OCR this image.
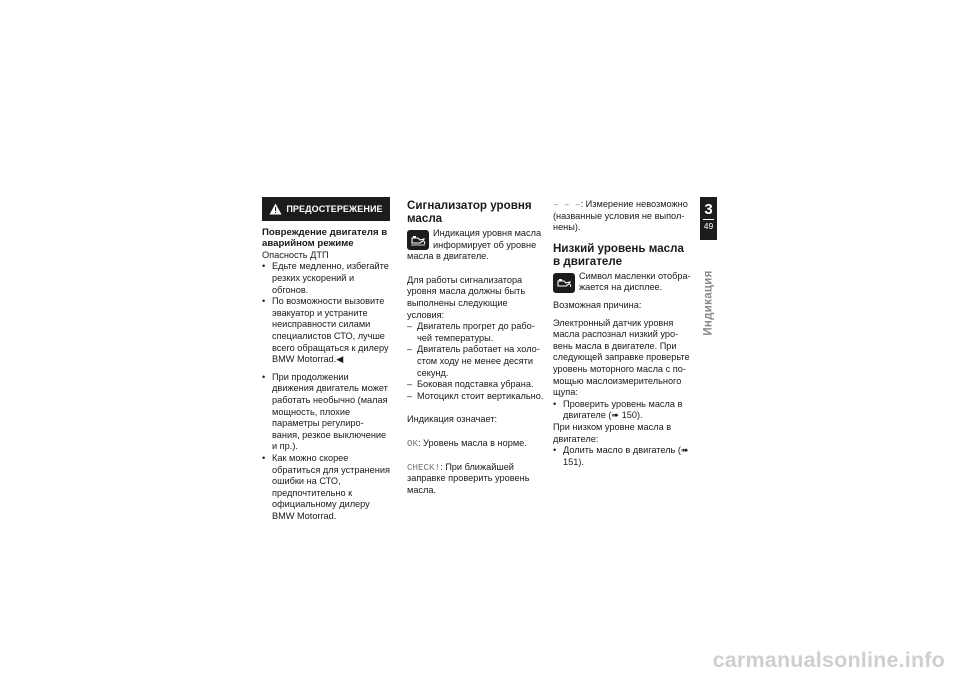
ПРЕДОСТЕРЕЖЕНИЕ
Повреждение двигателя в аварийном режиме

Опасность ДТП

• Едьте медленно, избегайте резких ускорений и обгонов.
• По возможности вызовите эвакуатор и устраните неисправности силами специалистов СТО, лучше всего обращаться к дилеру BMW Motorrad.◀
• При продолжении движения двигатель может работать необычно (малая мощность, плохие параметры регулиро-вания, резкое выключение и пр.).
• Как можно скорее обратиться для устранения ошибки на СТО, предпочтительно к официальному дилеру BMW Motorrad.
Сигнализатор уровня масла

Индикация уровня масла информирует об уровне масла в двигателе.

Для работы сигнализатора уровня масла должны быть выполнены следующие условия:

– Двигатель прогрет до рабо-чей температуры.
– Двигатель работает на холо-стом ходу не менее десяти секунд.
– Боковая подставка убрана.
– Мотоцикл стоит вертикально.

Индикация означает:

OK: Уровень масла в норме.

CHECK!: При ближайшей заправке проверить уровень масла.

– – –: Измерение невозможно (названные условия не выпол-нены).

Низкий уровень масла в двигателе

Символ масленки отобра-жается на дисплее.

Возможная причина:

Электронный датчик уровня масла распознал низкий уро-вень масла в двигателе. При следующей заправке проверьте уровень моторного масла с по-мощью маслоизмерительного щупа:

• Проверить уровень масла в двигателе (➠ 150).

При низком уровне масла в двигателе:

• Долить масло в двигатель (➠ 151).
3
49
Индикация
carmanualsonline.info
